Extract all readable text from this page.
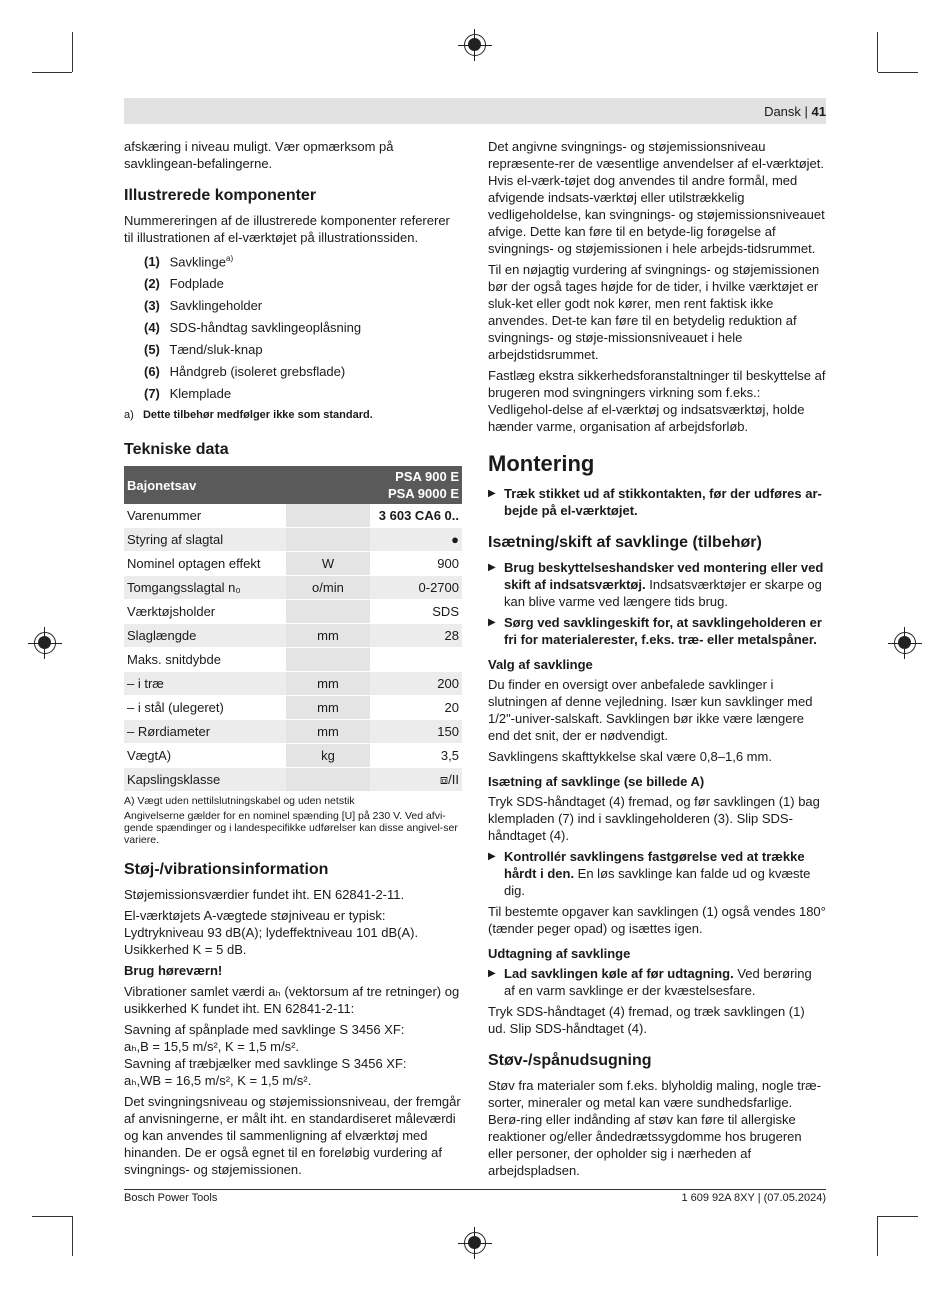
Dansk | 41

afskæring i niveau muligt. Vær opmærksom på savklingean-befalingerne.

Illustrerede komponenter

Nummereringen af de illustrerede komponenter refererer til illustrationen af el-værktøjet på illustrationssiden.

(1) Savklinge$^{a)}$
(2) Fodplade
(3) Savklingeholder
(4) SDS-håndtag savklingeoplåsning
(5) Tænd/sluk-knap
(6) Håndgreb (isoleret grebsflade)
(7) Klemplade
a) Dette tilbehør medfølger ikke som standard.
Tekniske data
Bajonetsav		PSA 900 E
PSA 9000 E
Varenummer		3 603 CA6 0..
Styring af slagtal		●
Nominel optagen effekt	W	900
Tomgangsslagtal n₀	o/min	0-2700
Værktøjsholder		SDS
Slaglængde	mm	28
Maks. snitdybde		
– i træ	mm	200
– i stål (ulegeret)	mm	20
– Rørdiameter	mm	150
VægtA)	kg	3,5
Kapslingsklasse		⧈/II
A) Vægt uden nettilslutningskabel og uden netstik
Angivelserne gælder for en nominel spænding [U] på 230 V. Ved afvi-gende spændinger og i landespecifikke udførelser kan disse angivel-ser variere.
Støj-/vibrationsinformation

Støjemissionsværdier fundet iht. EN 62841-2-11.

El-værktøjets A-vægtede støjniveau er typisk: Lydtrykniveau 93 dB(A); lydeffektniveau 101 dB(A). Usikkerhed K = 5 dB.

Brug høreværn!

Vibrationer samlet værdi aₕ (vektorsum af tre retninger) og usikkerhed K fundet iht. EN 62841-2-11:

Savning af spånplade med savklinge S 3456 XF:
aₕ,B = 15,5 m/s², K = 1,5 m/s².
Savning af træbjælker med savklinge S 3456 XF:

aₕ,WB = 16,5 m/s², K = 1,5 m/s².

Det svingningsniveau og støjemissionsniveau, der fremgår af anvisningerne, er målt iht. en standardiseret måleværdi og kan anvendes til sammenligning af elværktøj med hinanden. De er også egnet til en foreløbig vurdering af svingnings- og støjemissionen.

Det angivne svingnings- og støjemissionsniveau repræsente-rer de væsentlige anvendelser af el-værktøjet. Hvis el-værk-tøjet dog anvendes til andre formål, med afvigende indsats-værktøj eller utilstrækkelig vedligeholdelse, kan svingnings- og støjemissionsniveauet afvige. Dette kan føre til en betyde-lig forøgelse af svingnings- og støjemissionen i hele arbejds-tidsrummet.

Til en nøjagtig vurdering af svingnings- og støjemissionen bør der også tages højde for de tider, i hvilke værktøjet er sluk-ket eller godt nok kører, men rent faktisk ikke anvendes. Det-te kan føre til en betydelig reduktion af svingnings- og støje-missionsniveauet i hele arbejdstidsrummet.

Fastlæg ekstra sikkerhedsforanstaltninger til beskyttelse af brugeren mod svingningers virkning som f.eks.: Vedligehol-delse af el-værktøj og indsatsværktøj, holde hænder varme, organisation af arbejdsforløb.

Montering
▶ Træk stikket ud af stikkontakten, før der udføres ar-bejde på el-værktøjet.
Isætning/skift af savklinge (tilbehør)
▶ Brug beskyttelseshandsker ved montering eller ved skift af indsatsværktøj. Indsatsværktøjer er skarpe og kan blive varme ved længere tids brug.
▶ Sørg ved savklingeskift for, at savklingeholderen er fri for materialerester, f.eks. træ- eller metalspåner.
Valg af savklinge

Du finder en oversigt over anbefalede savklinger i slutningen af denne vejledning. Især kun savklinger med 1/2"-univer-salskaft. Savklingen bør ikke være længere end det snit, der er nødvendigt.

Savklingens skafttykkelse skal være 0,8–1,6 mm.

Isætning af savklinge (se billede A)

Tryk SDS-håndtaget (4) fremad, og før savklingen (1) bag klempladen (7) ind i savklingeholderen (3). Slip SDS-håndtaget (4).

▶ Kontrollér savklingens fastgørelse ved at trække hårdt i den. En løs savklinge kan falde ud og kvæste dig.

Til bestemte opgaver kan savklingen (1) også vendes 180° (tænder peger opad) og isættes igen.

Udtagning af savklinge
▶ Lad savklingen køle af før udtagning. Ved berøring af en varm savklinge er der kvæstelsesfare.

Tryk SDS-håndtaget (4) fremad, og træk savklingen (1) ud. Slip SDS-håndtaget (4).

Støv-/spånudsugning

Støv fra materialer som f.eks. blyholdig maling, nogle træ-sorter, mineraler og metal kan være sundhedsfarlige. Berø-ring eller indånding af støv kan føre til allergiske reaktioner og/eller åndedrætssygdomme hos brugeren eller personer, der opholder sig i nærheden af arbejdspladsen.

Bosch Power Tools	1 609 92A 8XY | (07.05.2024)
